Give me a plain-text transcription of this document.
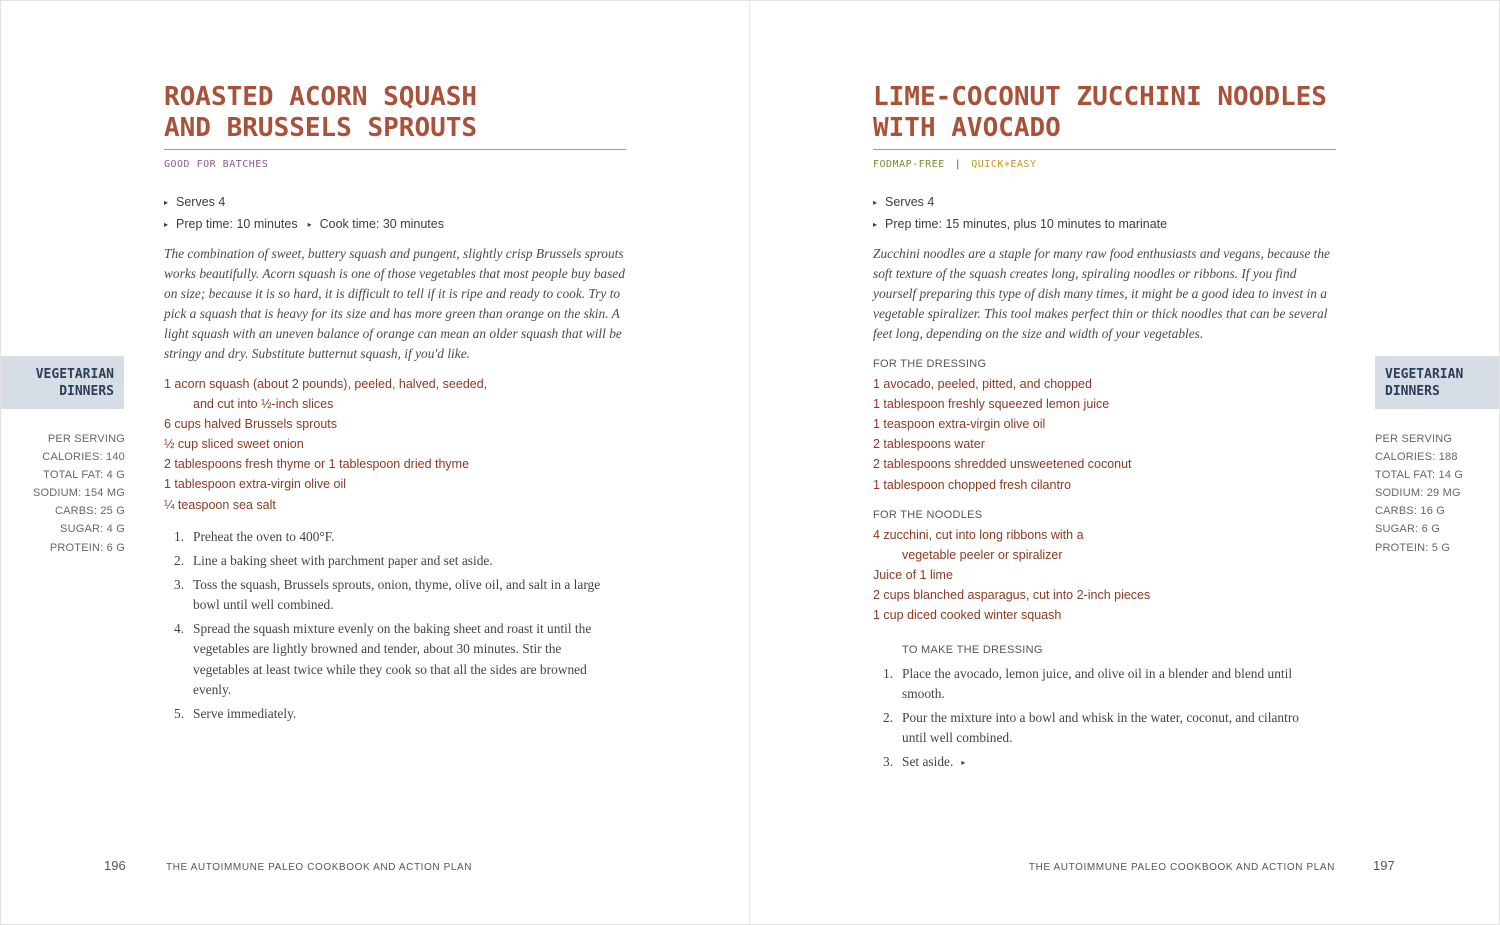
ROASTED ACORN SQUASH
AND BRUSSELS SPROUTS
GOOD FOR BATCHES
▸ Serves 4
▸ Prep time: 10 minutes ▸ Cook time: 30 minutes

The combination of sweet, buttery squash and pungent, slightly crisp Brussels sprouts works beautifully. Acorn squash is one of those vegetables that most people buy based on size; because it is so hard, it is difficult to tell if it is ripe and ready to cook. Try to pick a squash that is heavy for its size and has more green than orange on the skin. A light squash with an uneven balance of orange can mean an older squash that will be stringy and dry. Substitute butternut squash, if you'd like.

1 acorn squash (about 2 pounds), peeled, halved, seeded,
and cut into ½-inch slices
6 cups halved Brussels sprouts
½ cup sliced sweet onion
2 tablespoons fresh thyme or 1 tablespoon dried thyme
1 tablespoon extra-virgin olive oil
¼ teaspoon sea salt
1. Preheat the oven to 400°F.
2. Line a baking sheet with parchment paper and set aside.
3. Toss the squash, Brussels sprouts, onion, thyme, olive oil, and salt in a large bowl until well combined.
4. Spread the squash mixture evenly on the baking sheet and roast it until the vegetables are lightly browned and tender, about 30 minutes. Stir the vegetables at least twice while they cook so that all the sides are browned evenly.
5. Serve immediately.
VEGETARIAN
DINNERS
196	THE AUTOIMMUNE PALEO COOKBOOK AND ACTION PLAN
PER SERVING
CALORIES: 140
TOTAL FAT: 4 G
SODIUM: 154 MG
CARBS: 25 G
SUGAR: 4 G
PROTEIN: 6 G
LIME-COCONUT ZUCCHINI NOODLES
WITH AVOCADO
FODMAP-FREE | QUICK+EASY
▸ Serves 4
▸ Prep time: 15 minutes, plus 10 minutes to marinate

Zucchini noodles are a staple for many raw food enthusiasts and vegans, because the soft texture of the squash creates long, spiraling noodles or ribbons. If you find yourself preparing this type of dish many times, it might be a good idea to invest in a vegetable spiralizer. This tool makes perfect thin or thick noodles that can be several feet long, depending on the size and width of your vegetables.

FOR THE DRESSING
1 avocado, peeled, pitted, and chopped
1 tablespoon freshly squeezed lemon juice
1 teaspoon extra-virgin olive oil
2 tablespoons water
2 tablespoons shredded unsweetened coconut
1 tablespoon chopped fresh cilantro
FOR THE NOODLES
4 zucchini, cut into long ribbons with a
vegetable peeler or spiralizer
Juice of 1 lime
2 cups blanched asparagus, cut into 2-inch pieces
1 cup diced cooked winter squash
TO MAKE THE DRESSING
1. Place the avocado, lemon juice, and olive oil in a blender and blend until smooth.
2. Pour the mixture into a bowl and whisk in the water, coconut, and cilantro until well combined.
3. Set aside. ▸
197
THE AUTOIMMUNE PALEO COOKBOOK AND ACTION PLAN
VEGETARIAN
DINNERS
PER SERVING
CALORIES: 188
TOTAL FAT: 14 G
SODIUM: 29 MG
CARBS: 16 G
SUGAR: 6 G
PROTEIN: 5 G
